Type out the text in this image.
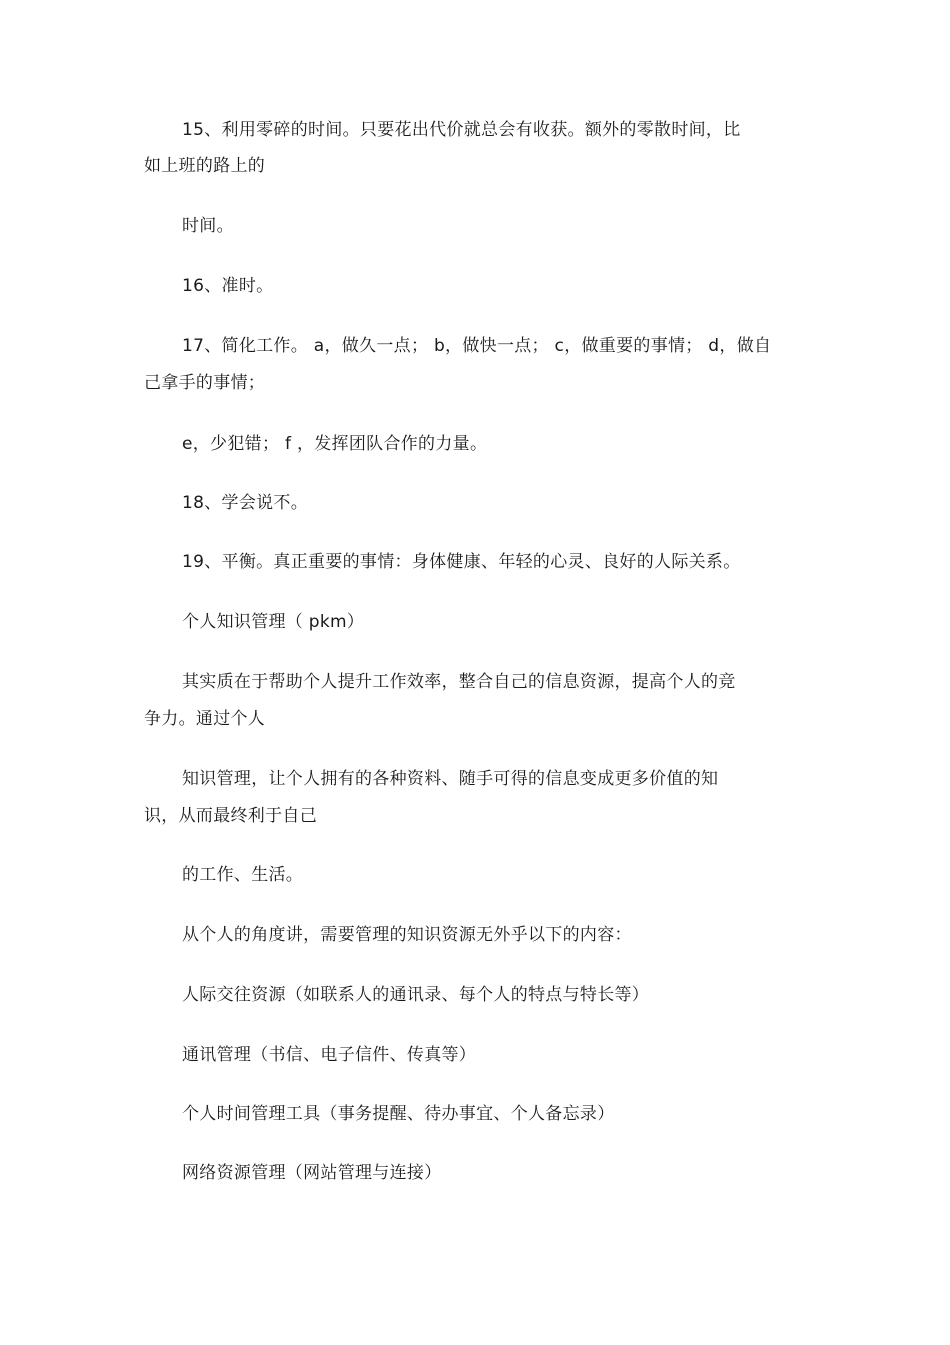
15、利用零碎的时间。只要花出代价就总会有收获。额外的零散时间，比
如上班的路上的
时间。
16、准时。
17、简化工作。 a，做久一点； b，做快一点； c，做重要的事情； d，做自
己拿手的事情；
e，少犯错； f ，发挥团队合作的力量。
18、学会说不。
19、平衡。真正重要的事情：身体健康、年轻的心灵、良好的人际关系。
个人知识管理（ pkm）
其实质在于帮助个人提升工作效率，整合自己的信息资源，提高个人的竞
争力。通过个人
知识管理，让个人拥有的各种资料、随手可得的信息变成更多价值的知
识，从而最终利于自己
的工作、生活。
从个人的角度讲，需要管理的知识资源无外乎以下的内容：
人际交往资源（如联系人的通讯录、每个人的特点与特长等）
通讯管理（书信、电子信件、传真等）
个人时间管理工具（事务提醒、待办事宜、个人备忘录）
网络资源管理（网站管理与连接）
